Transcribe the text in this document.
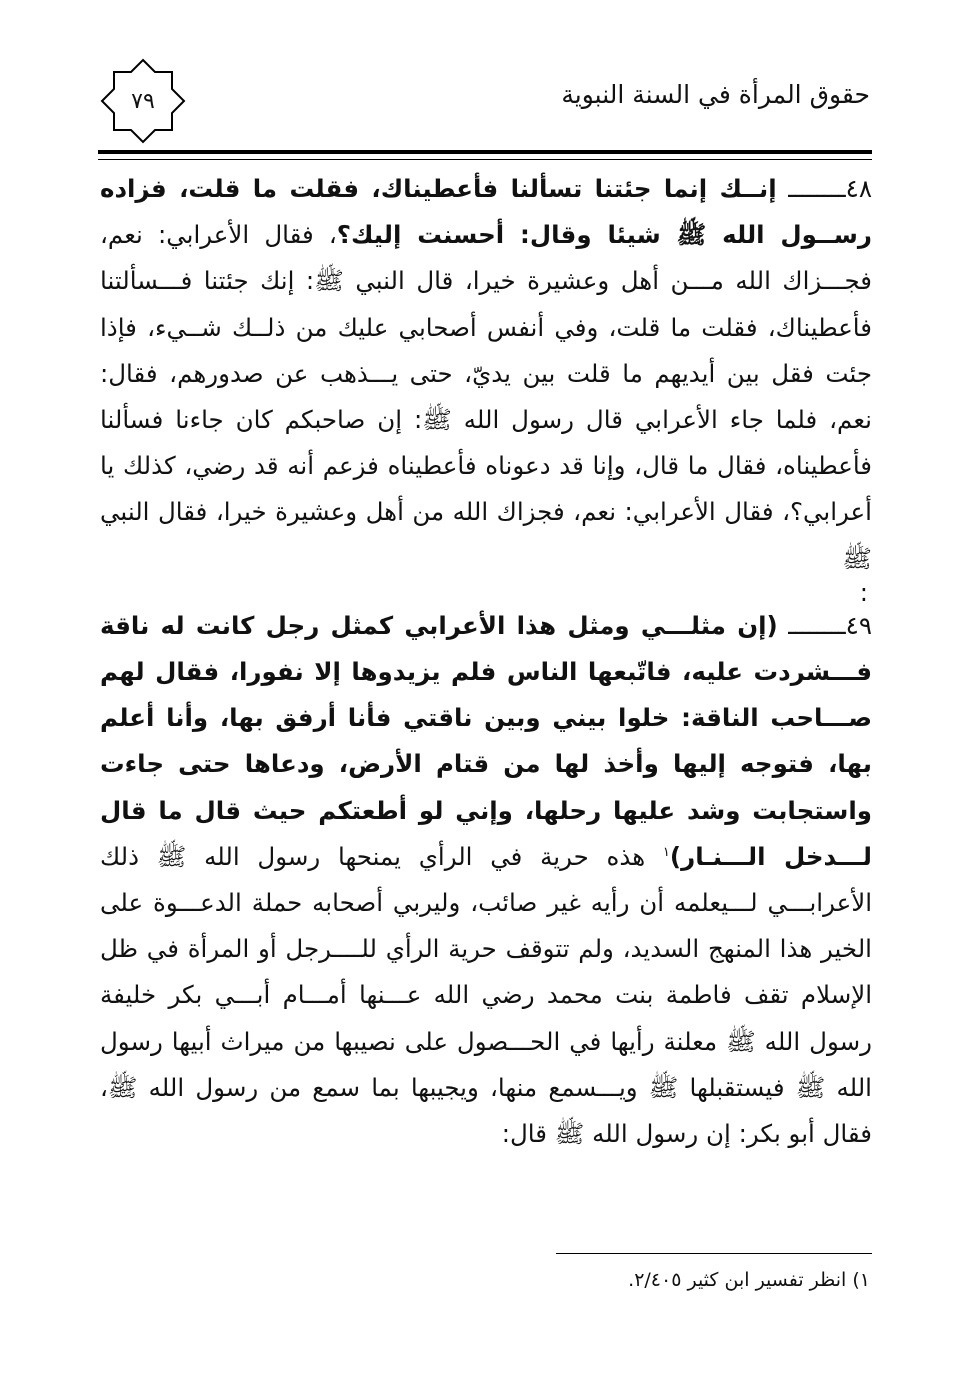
حقوق المرأة في السنة النبوية
٧٩

٤٨ــــــــ إنــك إنما جئتنا تسألنا فأعطيناك، فقلت ما قلت، فزاده رســول الله ﷺ شيئا وقال: أحسنت إليك؟، فقال الأعرابي: نعم، فجـــزاك الله مـــن أهل وعشيرة خيرا، قال النبي ﷺ: إنك جئتنا فـــسألتنا فأعطيناك، فقلت ما قلت، وفي أنفس أصحابي عليك من ذلــك شــيء، فإذا جئت فقل بين أيديهم ما قلت بين يديّ، حتى يـــذهب عن صدورهم، فقال: نعم، فلما جاء الأعرابي قال رسول الله ﷺ: إن صاحبكم كان جاءنا فسألنا فأعطيناه، فقال ما قال، وإنا قد دعوناه فأعطيناه فزعم أنه قد رضي، كذلك يا أعرابي؟، فقال الأعرابي: نعم، فجزاك الله من أهل وعشيرة خيرا، فقال النبي ﷺ
:

٤٩ــــــــ (إن مثلـــي ومثل هذا الأعرابي كمثل رجل كانت له ناقة فـــشردت عليه، فاتّبعها الناس فلم يزيدوها إلا نفورا، فقال لهم صـــاحب الناقة: خلوا بيني وبين ناقتي فأنا أرفق بها، وأنا أعلم بها، فتوجه إليها وأخذ لها من قتام الأرض، ودعاها حتى جاءت واستجابت وشد عليها رحلها، وإني لو أطعتكم حيث قال ما قال لـــدخل الـــنـار)$^١$ هذه حرية في الرأي يمنحها رسول الله ﷺ ذلك الأعرابـــي لـــيعلمه أن رأيه غير صائب، وليربي أصحابه حملة الدعـــوة على الخير هذا المنهج السديد، ولم تتوقف حرية الرأي للــــرجل أو المرأة في ظل الإسلام تقف فاطمة بنت محمد رضي الله عـــنها أمـــام أبـــي بكر خليفة رسول الله ﷺ معلنة رأيها في الحـــصول على نصيبها من ميراث أبيها رسول الله ﷺ فيستقبلها ﷺ ويـــسمع منها، ويجيبها بما سمع من رسول الله ﷺ، فقال أبو بكر: إن رسول الله ﷺ قال:

١) انظر تفسير ابن كثير ٢/٤٠٥.
